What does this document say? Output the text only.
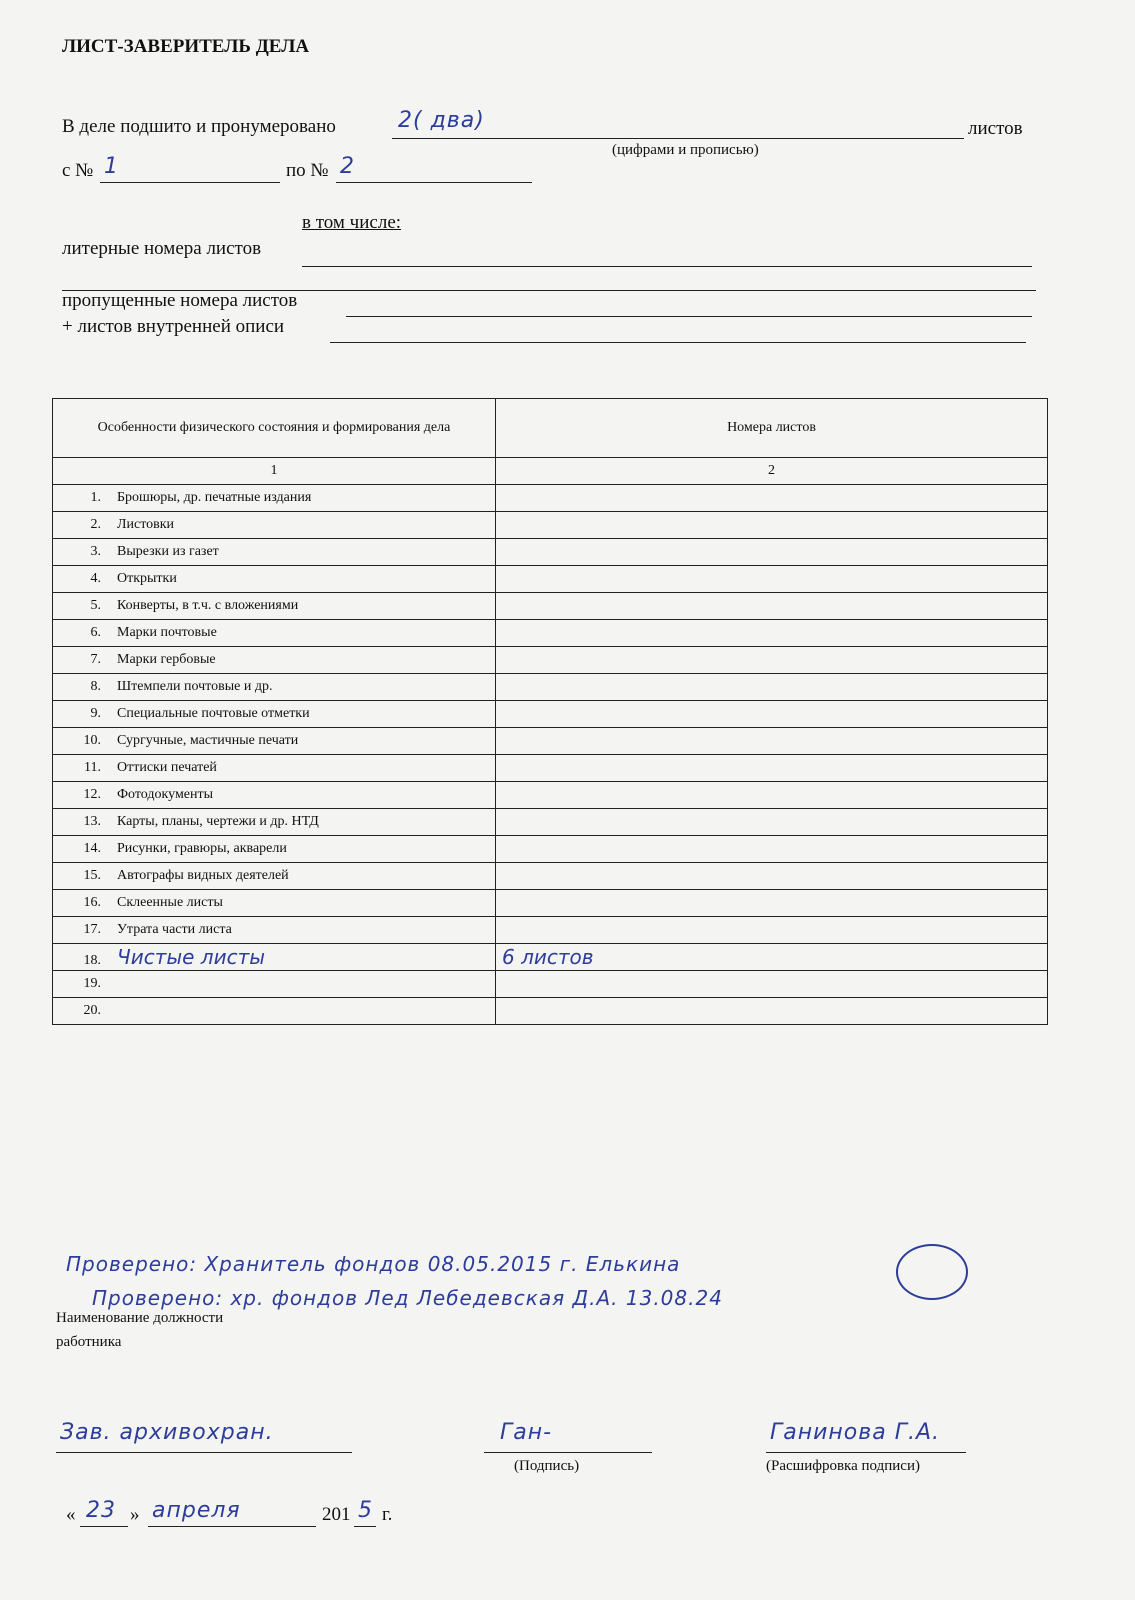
ЛИСТ-ЗАВЕРИТЕЛЬ ДЕЛА
В деле подшито и пронумеровано	2( два)	листов
(цифрами и прописью)
с № 1	по № 2
в том числе:
литерные номера листов
пропущенные номера листов
+ листов внутренней описи
Особенности физического состояния и формирования дела	Номера листов
1	2
1. Брошюры, др. печатные издания	
2. Листовки	
3. Вырезки из газет	
4. Открытки	
5. Конверты, в т.ч. с вложениями	
6. Марки почтовые	
7. Марки гербовые	
8. Штемпели почтовые и др.	
9. Специальные почтовые отметки	
10. Сургучные, мастичные печати	
11. Оттиски печатей	
12. Фотодокументы	
13. Карты, планы, чертежи и др. НТД	
14. Рисунки, гравюры, акварели	
15. Автографы видных деятелей	
16. Склеенные листы	
17. Утрата части листа	
18. Чистые листы	6 листов
19.	
20.	
Проверено: Хранитель фондов 08.05.2015 г. Елькина
Проверено: хр. фондов Лед Лебедевская Д.А. 13.08.24
Наименование должности
работника
Зав. архивохран.	Ган-
(Подпись)
Ганинова Г.А.
(Расшифровка подписи)
« 23 » апреля	201 5 г.
